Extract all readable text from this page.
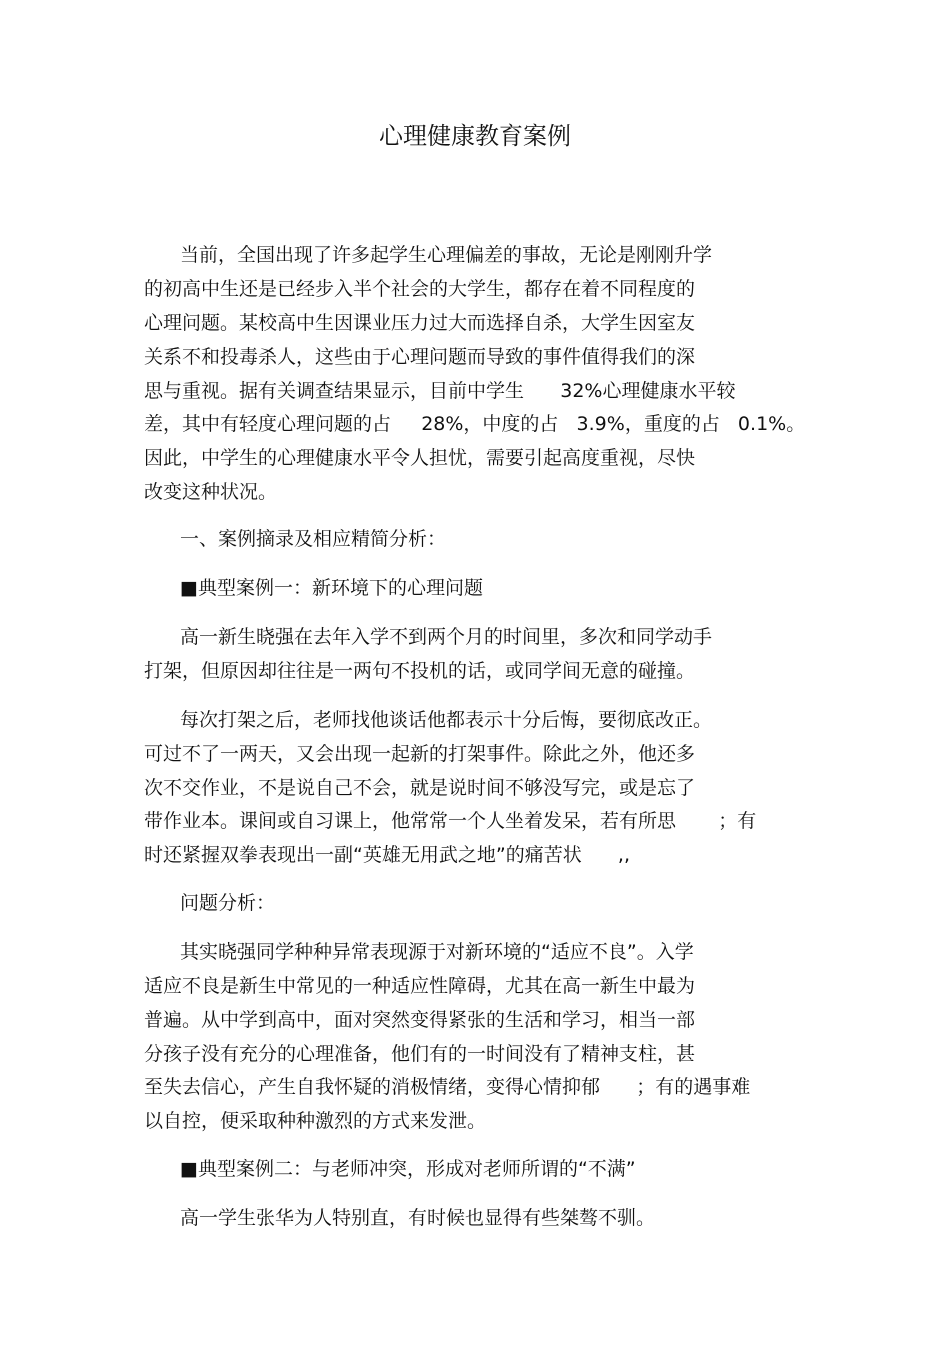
心理健康教育案例

当前，全国出现了许多起学生心理偏差的事故，无论是刚刚升学

的初高中生还是已经步入半个社会的大学生，都存在着不同程度的

心理问题。某校高中生因课业压力过大而选择自杀，大学生因室友

关系不和投毒杀人，这些由于心理问题而导致的事件值得我们的深

思与重视。据有关调查结果显示，目前中学生      32%心理健康水平较

差，其中有轻度心理问题的占     28%，中度的占   3.9%，重度的占   0.1%。

因此，中学生的心理健康水平令人担忧，需要引起高度重视，尽快

改变这种状况。

一、案例摘录及相应精简分析：

■典型案例一：新环境下的心理问题

高一新生晓强在去年入学不到两个月的时间里，多次和同学动手

打架，但原因却往往是一两句不投机的话，或同学间无意的碰撞。

每次打架之后，老师找他谈话他都表示十分后悔，要彻底改正。

可过不了一两天，又会出现一起新的打架事件。除此之外，他还多

次不交作业，不是说自己不会，就是说时间不够没写完，或是忘了

带作业本。课间或自习课上，他常常一个人坐着发呆，若有所思       ；有

时还紧握双拳表现出一副“英雄无用武之地”的痛苦状      ,,

问题分析：

其实晓强同学种种异常表现源于对新环境的“适应不良”。入学

适应不良是新生中常见的一种适应性障碍，尤其在高一新生中最为

普遍。从中学到高中，面对突然变得紧张的生活和学习，相当一部

分孩子没有充分的心理准备，他们有的一时间没有了精神支柱，甚

至失去信心，产生自我怀疑的消极情绪，变得心情抑郁      ；有的遇事难

以自控，便采取种种激烈的方式来发泄。

■典型案例二：与老师冲突，形成对老师所谓的“不满”

高一学生张华为人特别直，有时候也显得有些桀骜不驯。
